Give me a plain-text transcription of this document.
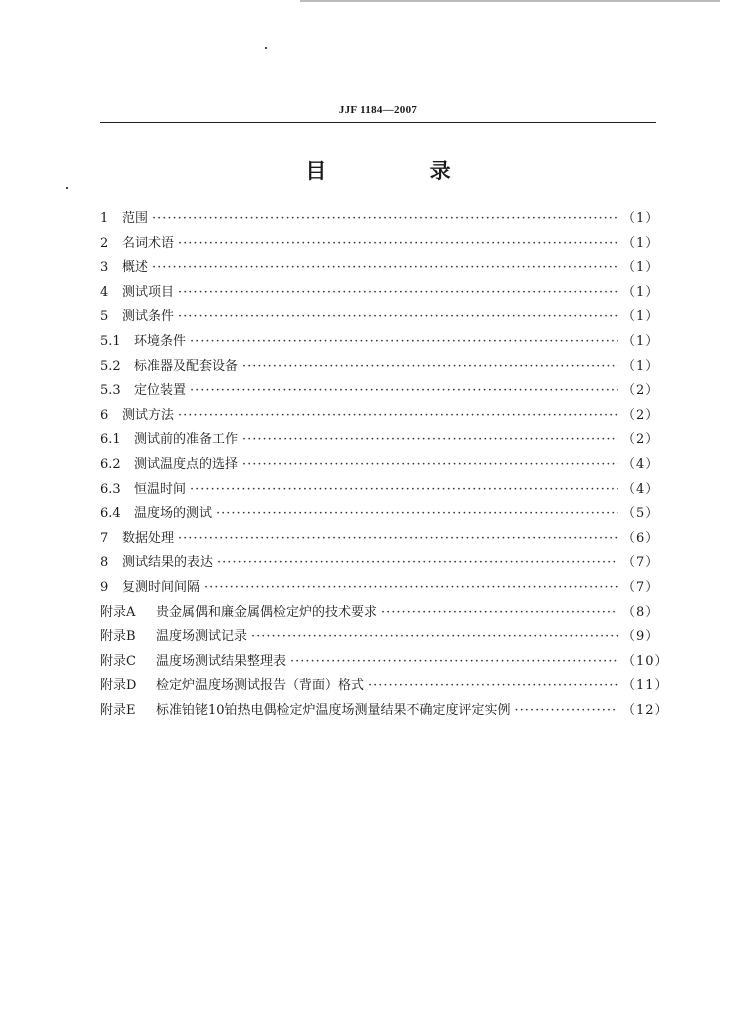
JJF 1184—2007
目 录
1	范围 ·····	（1）
2	名词术语 ·····	（1）
3	概述 ·····	（1）
4	测试项目 ·····	（1）
5	测试条件 ·····	（1）
5.1	环境条件 ·····	（1）
5.2	标准器及配套设备 ·····	（1）
5.3	定位装置 ·····	（2）
6	测试方法 ·····	（2）
6.1	测试前的准备工作 ·····	（2）
6.2	测试温度点的选择 ·····	（4）
6.3	恒温时间 ·····	（4）
6.4	温度场的测试 ·····	（5）
7	数据处理 ·····	（6）
8	测试结果的表达 ·····	（7）
9	复测时间间隔 ·····	（7）
附录A	贵金属偶和廉金属偶检定炉的技术要求 ·····	（8）
附录B	温度场测试记录 ·····	（9）
附录C	温度场测试结果整理表 ·····	（10）
附录D	检定炉温度场测试报告（背面）格式 ·····	（11）
附录E	标准铂铑10铂热电偶检定炉温度场测量结果不确定度评定实例 ·····	（12）
